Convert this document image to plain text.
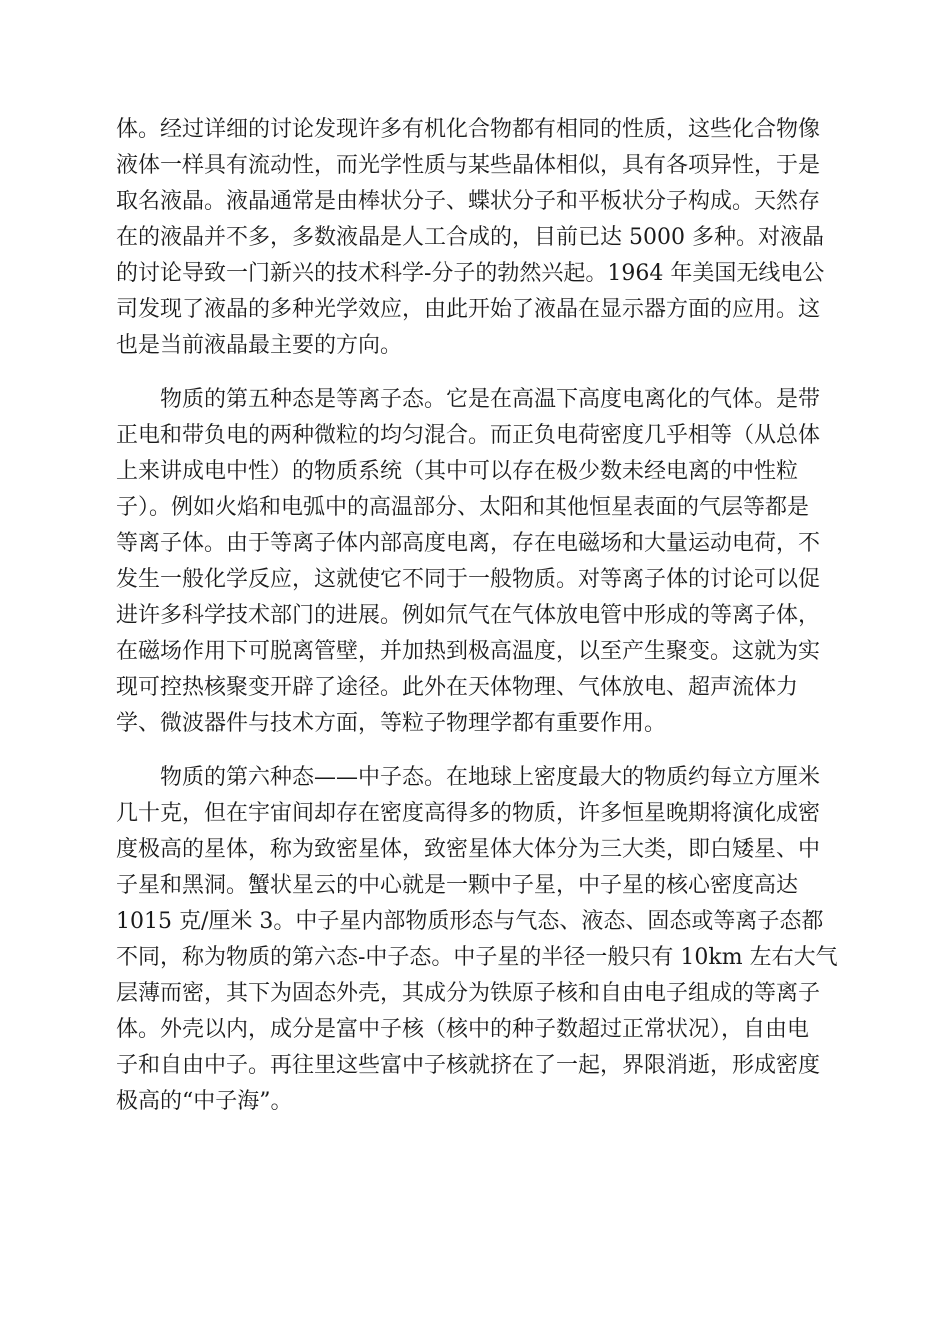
体。经过详细的讨论发现许多有机化合物都有相同的性质，这些化合物像
液体一样具有流动性，而光学性质与某些晶体相似，具有各项异性，于是
取名液晶。液晶通常是由棒状分子、蝶状分子和平板状分子构成。天然存
在的液晶并不多，多数液晶是人工合成的，目前已达 5000 多种。对液晶
的讨论导致一门新兴的技术科学-分子的勃然兴起。1964 年美国无线电公
司发现了液晶的多种光学效应，由此开始了液晶在显示器方面的应用。这
也是当前液晶最主要的方向。
物质的第五种态是等离子态。它是在高温下高度电离化的气体。是带
正电和带负电的两种微粒的均匀混合。而正负电荷密度几乎相等（从总体
上来讲成电中性）的物质系统（其中可以存在极少数未经电离的中性粒
子）。例如火焰和电弧中的高温部分、太阳和其他恒星表面的气层等都是
等离子体。由于等离子体内部高度电离，存在电磁场和大量运动电荷，不
发生一般化学反应，这就使它不同于一般物质。对等离子体的讨论可以促
进许多科学技术部门的进展。例如氘气在气体放电管中形成的等离子体，
在磁场作用下可脱离管壁，并加热到极高温度，以至产生聚变。这就为实
现可控热核聚变开辟了途径。此外在天体物理、气体放电、超声流体力
学、微波器件与技术方面，等粒子物理学都有重要作用。
物质的第六种态——中子态。在地球上密度最大的物质约每立方厘米
几十克，但在宇宙间却存在密度高得多的物质，许多恒星晚期将演化成密
度极高的星体，称为致密星体，致密星体大体分为三大类，即白矮星、中
子星和黑洞。蟹状星云的中心就是一颗中子星，中子星的核心密度高达
1015 克/厘米 3。中子星内部物质形态与气态、液态、固态或等离子态都
不同，称为物质的第六态-中子态。中子星的半径一般只有 10km 左右大气
层薄而密，其下为固态外壳，其成分为铁原子核和自由电子组成的等离子
体。外壳以内，成分是富中子核（核中的种子数超过正常状况），自由电
子和自由中子。再往里这些富中子核就挤在了一起，界限消逝，形成密度
极高的“中子海”。
